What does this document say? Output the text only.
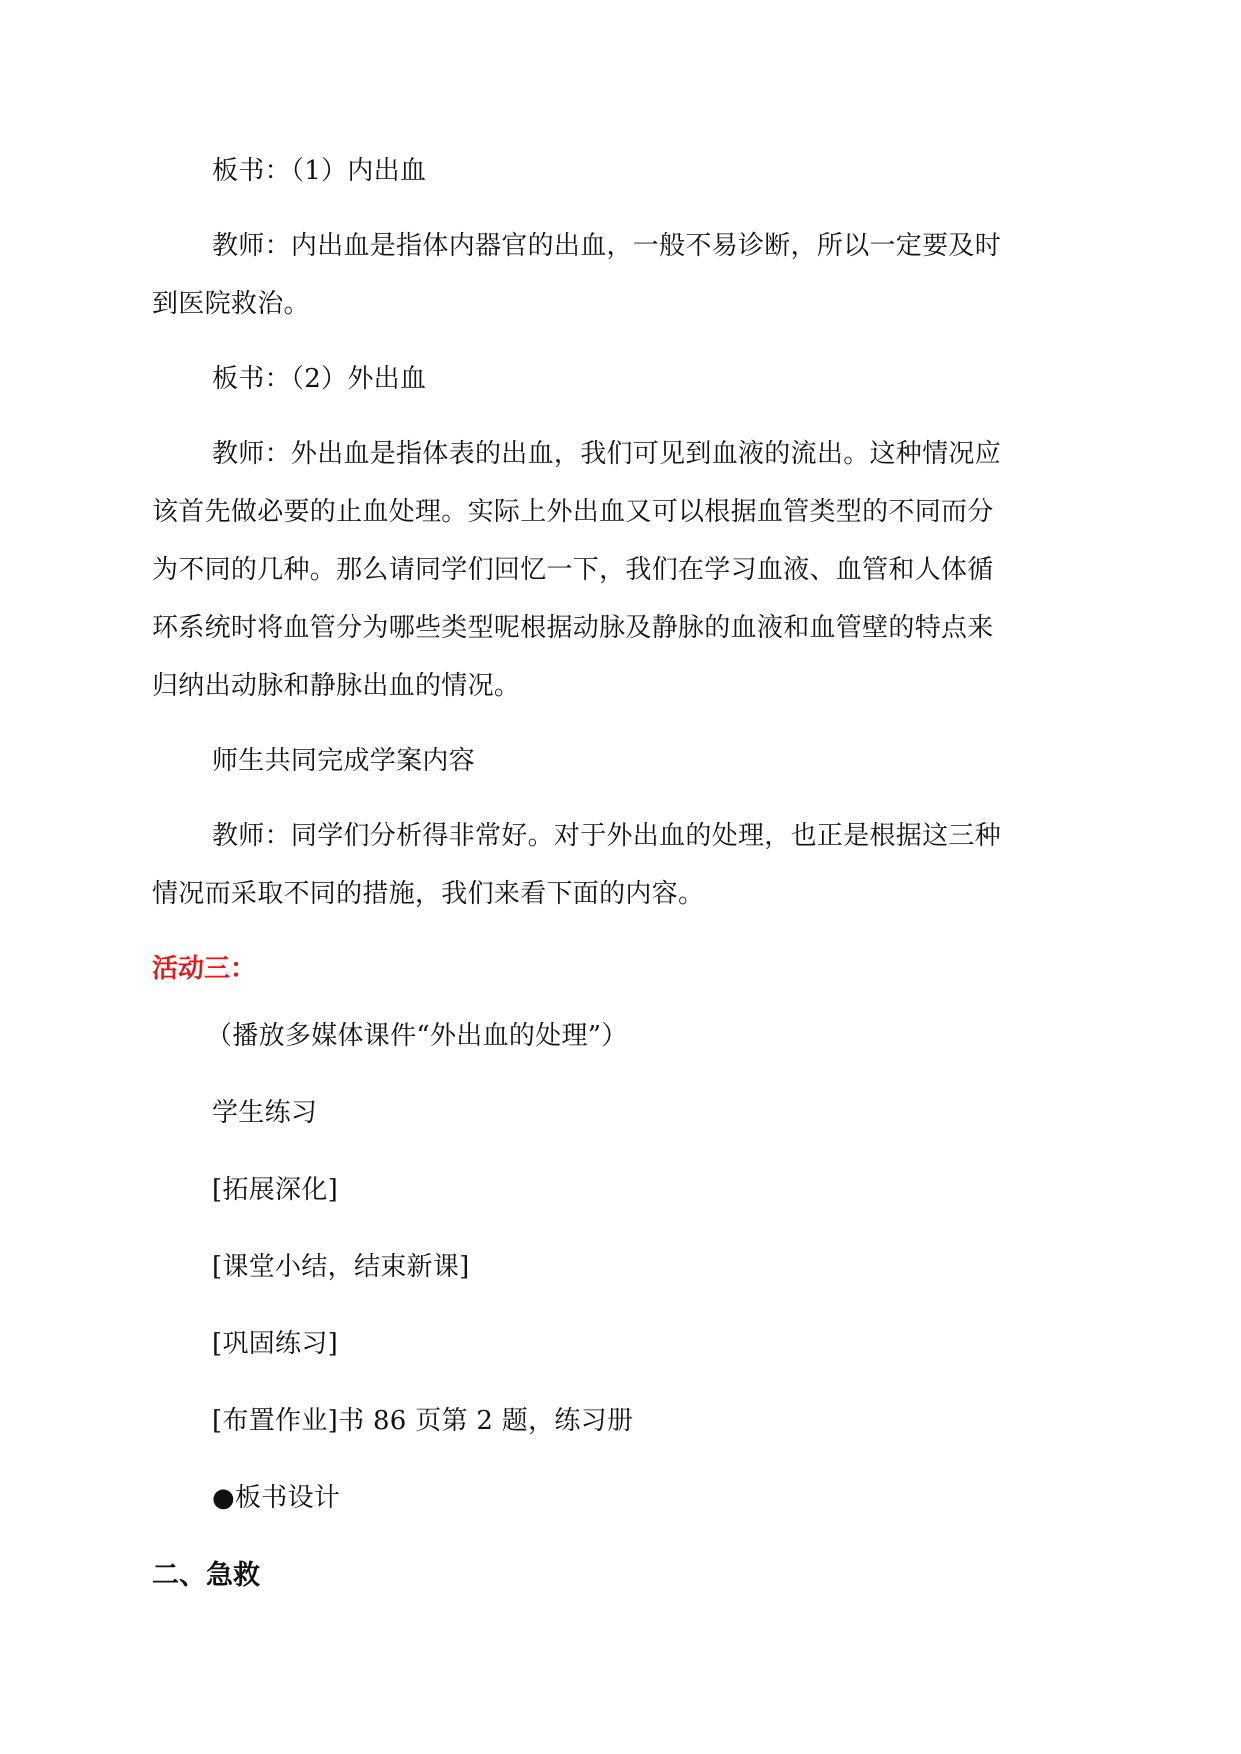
板书：（1）内出血

教师：内出血是指体内器官的出血，一般不易诊断，所以一定要及时

到医院救治。

板书：（2）外出血

教师：外出血是指体表的出血，我们可见到血液的流出。这种情况应

该首先做必要的止血处理。实际上外出血又可以根据血管类型的不同而分

为不同的几种。那么请同学们回忆一下，我们在学习血液、血管和人体循

环系统时将血管分为哪些类型呢根据动脉及静脉的血液和血管壁的特点来

归纳出动脉和静脉出血的情况。

师生共同完成学案内容

教师：同学们分析得非常好。对于外出血的处理，也正是根据这三种

情况而采取不同的措施，我们来看下面的内容。

活动三：

（播放多媒体课件“外出血的处理”）

学生练习

[拓展深化]

[课堂小结，结束新课]

[巩固练习]

[布置作业]书 86 页第 2 题，练习册

●板书设计

二、急救
